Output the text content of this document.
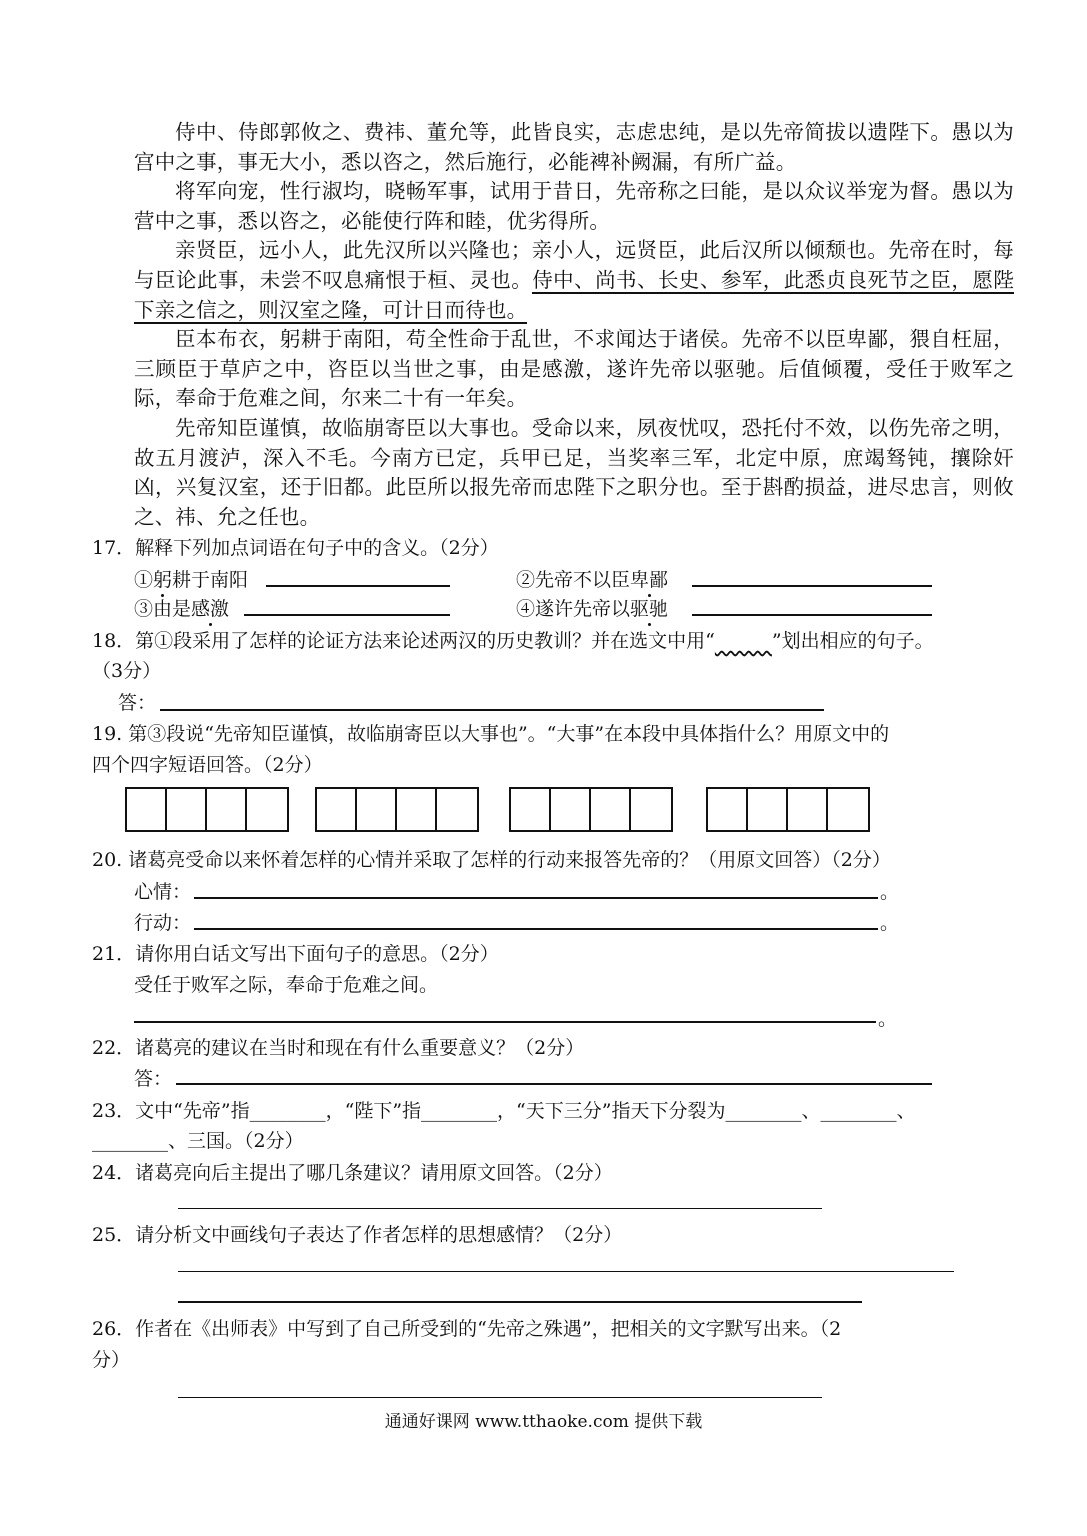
侍中、侍郎郭攸之、费祎、董允等，此皆良实，志虑忠纯，是以先帝简拔以遗陛下。愚以为宫中之事，事无大小，悉以咨之，然后施行，必能裨补阙漏，有所广益。

将军向宠，性行淑均，晓畅军事，试用于昔日，先帝称之曰能，是以众议举宠为督。愚以为营中之事，悉以咨之，必能使行阵和睦，优劣得所。

亲贤臣，远小人，此先汉所以兴隆也；亲小人，远贤臣，此后汉所以倾颓也。先帝在时，每与臣论此事，未尝不叹息痛恨于桓、灵也。侍中、尚书、长史、参军，此悉贞良死节之臣，愿陛下亲之信之，则汉室之隆，可计日而待也。

臣本布衣，躬耕于南阳，苟全性命于乱世，不求闻达于诸侯。先帝不以臣卑鄙，猥自枉屈，三顾臣于草庐之中，咨臣以当世之事，由是感激，遂许先帝以驱驰。后值倾覆，受任于败军之际，奉命于危难之间，尔来二十有一年矣。

先帝知臣谨慎，故临崩寄臣以大事也。受命以来，夙夜忧叹，恐托付不效，以伤先帝之明，故五月渡泸，深入不毛。今南方已定，兵甲已足，当奖率三军，北定中原，庶竭驽钝，攘除奸凶，兴复汉室，还于旧都。此臣所以报先帝而忠陛下之职分也。至于斟酌损益，进尽忠言，则攸之、祎、允之任也。

17．解释下列加点词语在句子中的含义。（2分）
①躬耕于南阳	②先帝不以臣卑鄙
③由是感激	④遂许先帝以驱驰
18．第①段采用了怎样的论证方法来论述两汉的历史教训？并在选文中用“	”划出相应的句子。
（3分）
答：
19. 第③段说“先帝知臣谨慎，故临崩寄臣以大事也”。“大事”在本段中具体指什么？用原文中的
四个四字短语回答。（2分）
20. 诸葛亮受命以来怀着怎样的心情并采取了怎样的行动来报答先帝的？（用原文回答）（2分）
心情：	。
行动：	。
21．请你用白话文写出下面句子的意思。（2分）
受任于败军之际，奉命于危难之间。
。
22．诸葛亮的建议在当时和现在有什么重要意义？（2分）
答：
23．文中“先帝”指________，“陛下”指________，“天下三分”指天下分裂为________、________、
________、三国。（2分）
24．诸葛亮向后主提出了哪几条建议？请用原文回答。（2分）
25．请分析文中画线句子表达了作者怎样的思想感情？（2分）
26．作者在《出师表》中写到了自己所受到的“先帝之殊遇”，把相关的文字默写出来。（2
分）
通通好课网 www.tthaoke.com 提供下载
